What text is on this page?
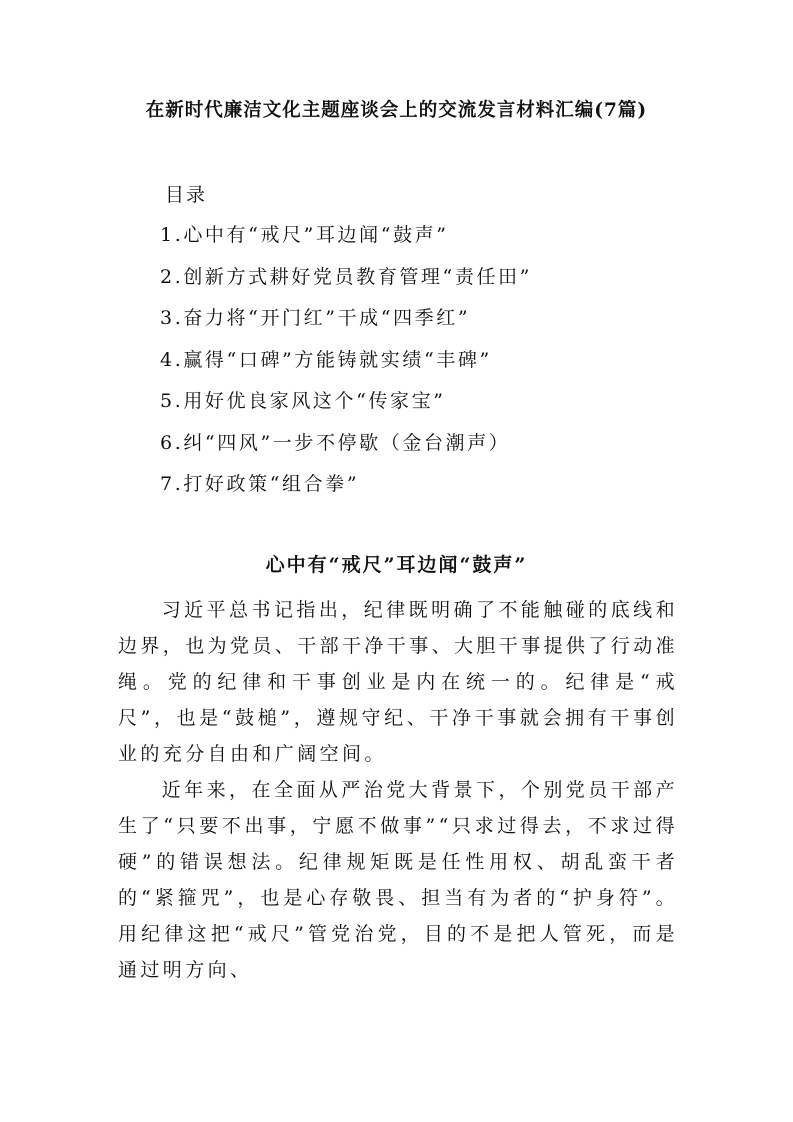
在新时代廉洁文化主题座谈会上的交流发言材料汇编(7篇)
目录
1.心中有“戒尺”耳边闻“鼓声”
2.创新方式耕好党员教育管理“责任田”
3.奋力将“开门红”干成“四季红”
4.赢得“口碑”方能铸就实绩“丰碑”
5.用好优良家风这个“传家宝”
6.纠“四风”一步不停歇（金台潮声）
7.打好政策“组合拳”
心中有“戒尺”耳边闻“鼓声”

习近平总书记指出，纪律既明确了不能触碰的底线和边界，也为党员、干部干净干事、大胆干事提供了行动准绳。党的纪律和干事创业是内在统一的。纪律是“戒尺”，也是“鼓槌”，遵规守纪、干净干事就会拥有干事创业的充分自由和广阔空间。

近年来，在全面从严治党大背景下，个别党员干部产生了“只要不出事，宁愿不做事”“只求过得去，不求过得硬”的错误想法。纪律规矩既是任性用权、胡乱蛮干者的“紧箍咒”，也是心存敬畏、担当有为者的“护身符”。用纪律这把“戒尺”管党治党，目的不是把人管死，而是通过明方向、
